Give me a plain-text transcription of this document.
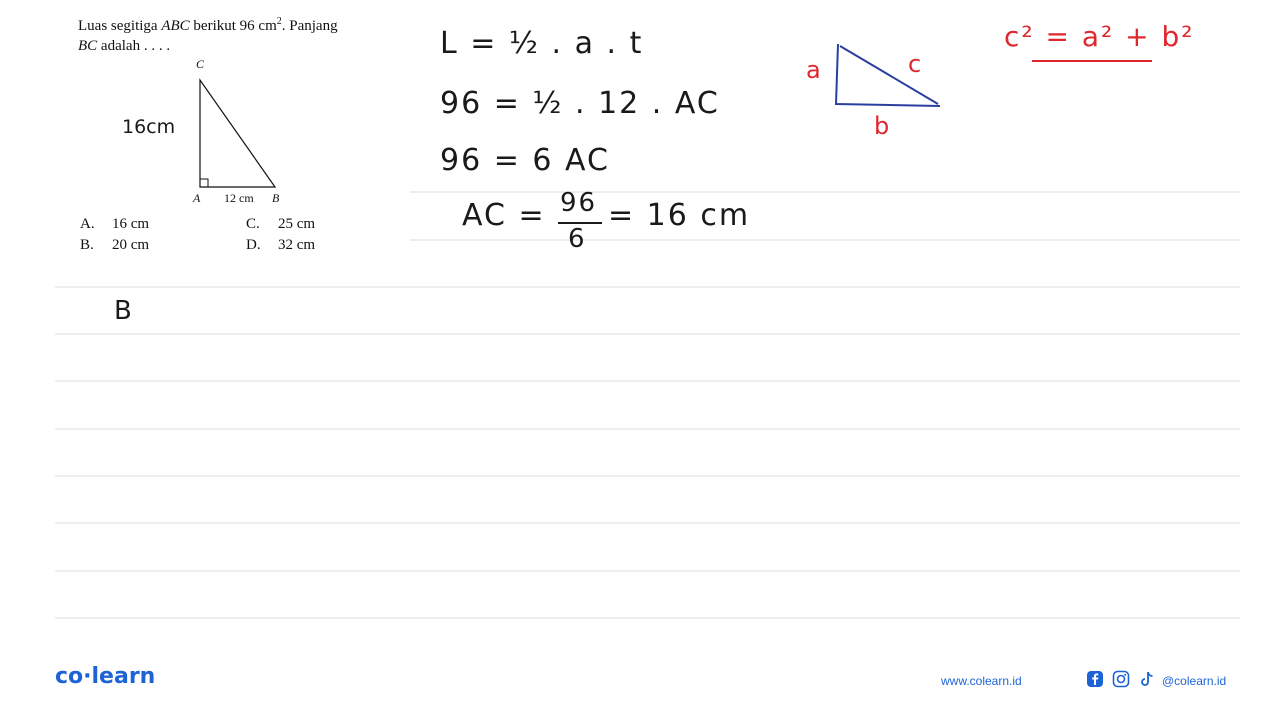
Luas segitiga ABC berikut 96 $cm^2$. Panjang
BC adalah . . . .
C
A	B
12 cm
16cm
A. 16 cm
B. 20 cm
C. 25 cm
D. 32 cm
B
L = ½ . a . t
96 = ½ . 12 . AC
96 = 6 AC
AC = 96
6
= 16 cm
a	c
b
c² = a² + b²
co·learn	www.colearn.id	@colearn.id
